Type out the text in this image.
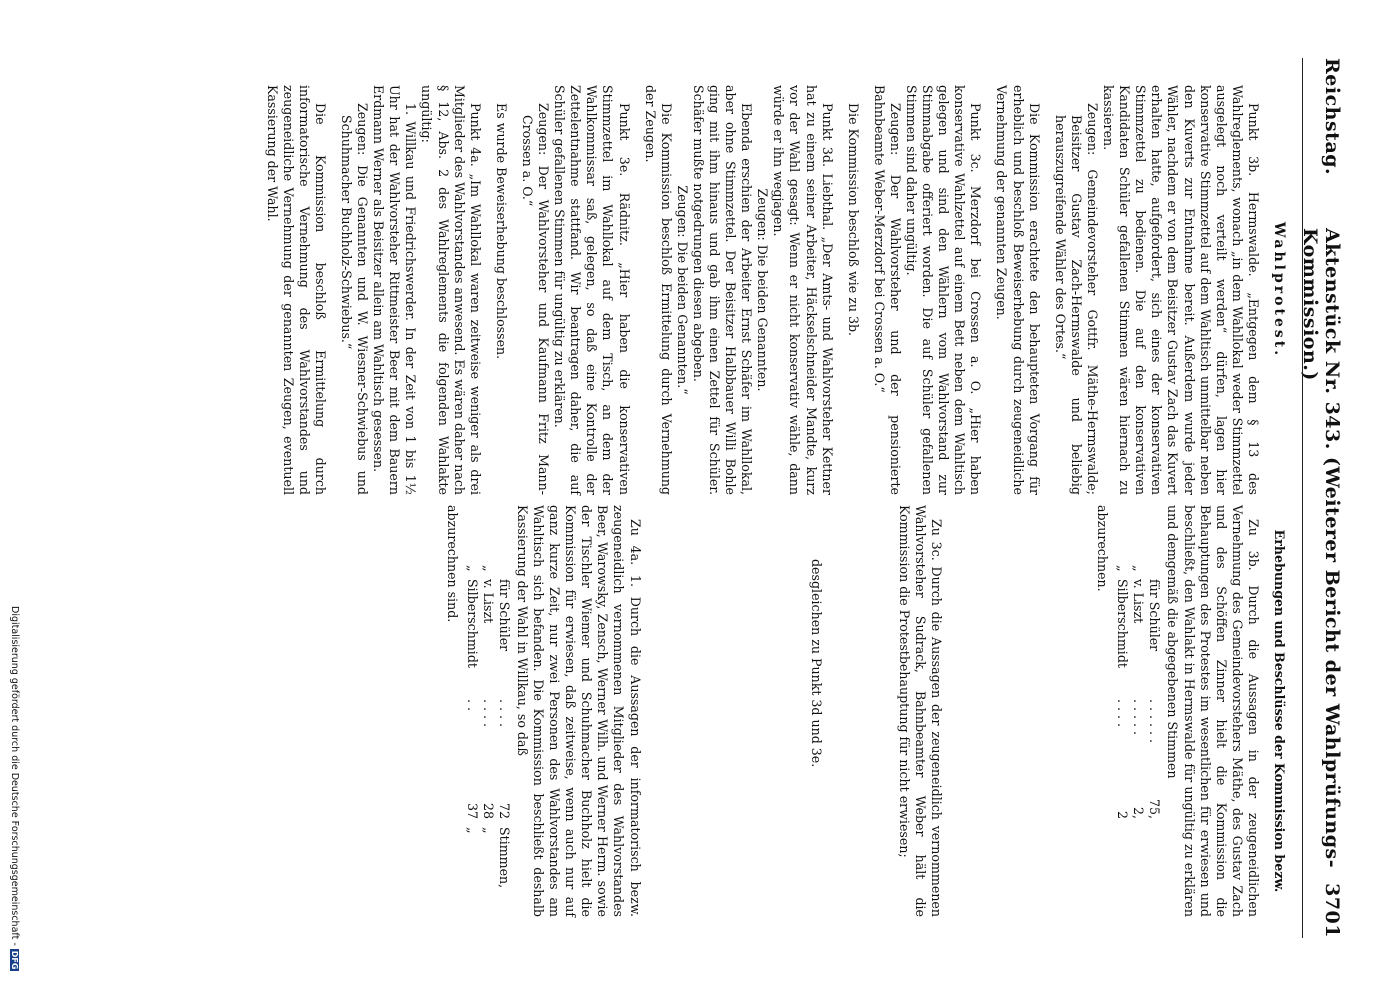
Reichstag.
Aktenstück Nr. 343. (Weiterer Bericht der Wahlprüfungs-Kommission.)
3701
Wahlprotest.

Punkt 3b. Hermswalde. „Entgegen dem § 13 des Wahlreglements, wonach „in dem Wahllokal weder Stimmzettel ausgelegt noch verteilt werden“ dürfen, lagen hier konservative Stimmzettel auf dem Wahltisch unmittelbar neben den Kuverts zur Entnahme bereit. Außerdem wurde jeder Wähler, nachdem er von dem Beisitzer Gustav Zach das Kuvert erhalten hatte, aufgefordert, sich eines der konservativen Stimmzettel zu bedienen. Die auf den konservativen Kandidaten Schüler gefallenen Stimmen wären hiernach zu kassieren.

Zeugen: Gemeindevorsteher Gottfr. Mäthe-Hermswalde; Beisitzer Gustav Zach-Hermswalde und beliebig herauszugreifende Wähler des Ortes.“

Die Kommission erachtete den behaupteten Vorgang für erheblich und beschloß Beweiserhebung durch zeugeneidliche Vernehmung der genannten Zeugen.

Punkt 3c. Merzdorf bei Crossen a. O. „Hier haben konservative Wahlzettel auf einem Bett neben dem Wahltisch gelegen und sind den Wählern vom Wahlvorstand zur Stimmabgabe offeriert worden. Die auf Schüler gefallenen Stimmen sind daher ungültig.

Zeugen: Der Wahlvorsteher und der pensionierte Bahnbeamte Weber-Merzdorf bei Crossen a. O.“

Die Kommission beschloß wie zu 3b.

Punkt 3d. Liebthal. „Der Amts- und Wahlvorsteher Kettner hat zu einem seiner Arbeiter, Häckselschneider Mandte, kurz vor der Wahl gesagt: Wenn er nicht konservativ wähle, dann würde er ihn wegjagen.

Zeugen: Die beiden Genannten.

Ebenda erschien der Arbeiter Ernst Schäfer im Wahllokal, aber ohne Stimmzettel. Der Beisitzer Halbbauer Willi Bohle ging mit ihm hinaus und gab ihm einen Zettel für Schüler. Schäfer mußte notgedrungen diesen abgeben.

Zeugen: Die beiden Genannten.“

Die Kommission beschloß Ermittelung durch Vernehmung der Zeugen.

Punkt 3e. Rädnitz. „Hier haben die konservativen Stimmzettel im Wahllokal auf dem Tisch, an dem der Wahlkommissar saß, gelegen, so daß eine Kontrolle der Zettelentnahme stattfand. Wir beantragen daher, die auf Schüler gefallenen Stimmen für ungültig zu erklären.

Zeugen: Der Wahlvorsteher und Kaufmann Fritz Mann-Crossen a. O.“

Es wurde Beweiserhebung beschlossen.

Punkt 4a. „Im Wahllokal waren zeitweise weniger als drei Mitglieder des Wahlvorstandes anwesend. Es wären daher nach § 12, Abs. 2 des Wahlreglements die folgenden Wahlakte ungültig:

1. Willkau und Friedrichswerder. In der Zeit von 1 bis 1½ Uhr hat der Wahlvorsteher Rittmeister Beer mit dem Bauern Erdmann Werner als Beisitzer allein am Wahltisch gesessen.

Zeugen: Die Genannten und W. Wiesner-Schwiebus und Schuhmacher Buchholz-Schwiebus.“

Die Kommission beschloß Ermittelung durch informatorische Vernehmung des Wahlvorstandes und zeugeneidliche Vernehmung der genannten Zeugen, eventuell Kassierung der Wahl.

Erhebungen und Beschlüsse der Kommission bezw.

Zu 3b. Durch die Aussagen in der zeugeneidlichen Vernehmung des Gemeindevorstehers Mäthe, des Gustav Zach und des Schöffen Zinner hielt die Kommission die Behauptungen des Protestes im wesentlichen für erwiesen und beschließt, den Wahlakt in Hermswalde für ungültig zu erklären und demgemäß die abgegebenen Stimmen

für Schüler
. . . . . .
75,
„
v. Liszt
. . . . .
2,
„
Silberschmidt
. . . .
2

abzurechnen.

Zu 3c. Durch die Aussagen der zeugeneidlich vernommenen Wahlvorsteher Sudrack, Bahnbeamter Weber hält die Kommission die Protestbehauptung für nicht erwiesen;

desgleichen zu Punkt 3d und 3e.

Zu 4a. 1. Durch die Aussagen der informatorisch bezw. zeugeneidlich vernommenen Mitglieder des Wahlvorstandes Beer, Warowsky, Zensch, Werner Wilh. und Werner Herm. sowie der Tischler Wiemer und Schuhmacher Buchholz hielt die Kommission für erwiesen, daß zeitweise, wenn auch nur auf ganz kurze Zeit, nur zwei Personen des Wahlvorstandes am Wahltisch sich befanden. Die Kommission beschließt deshalb Kassierung der Wahl in Willkau, so daß

für Schüler
. . . .
72
Stimmen,
„
v. Liszt
. . . .
28
„
„
Silberschmidt
. .
37
„

abzurechnen sind.

Digitalisierung gefördert durch die Deutsche Forschungsgemeinschaft -DFG
